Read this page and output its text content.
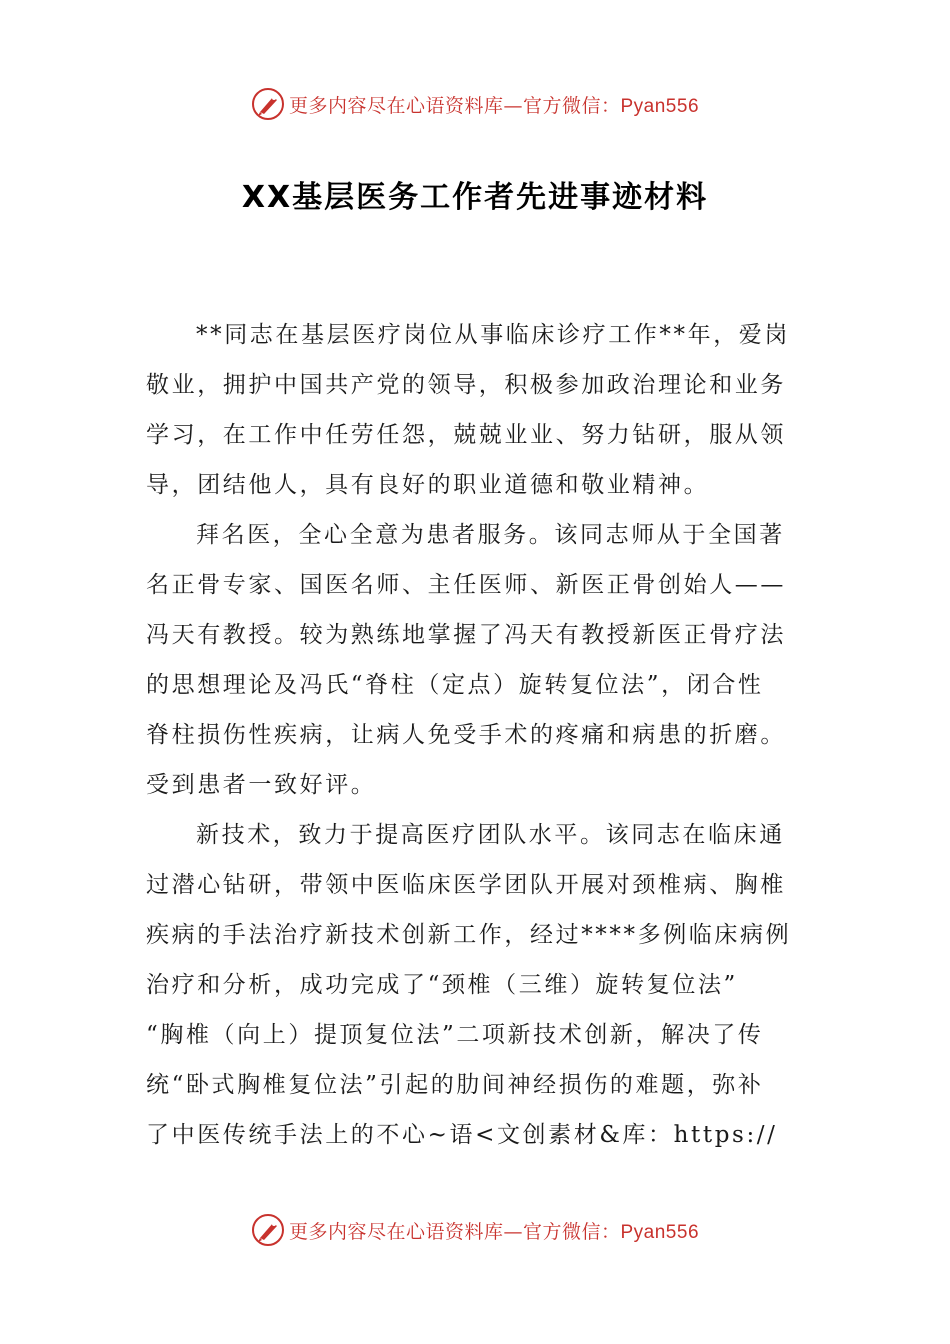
更多内容尽在心语资料库—官方微信：Pyan556
XX基层医务工作者先进事迹材料
**同志在基层医疗岗位从事临床诊疗工作**年，爱岗
敬业，拥护中国共产党的领导，积极参加政治理论和业务
学习，在工作中任劳任怨，兢兢业业、努力钻研，服从领
导，团结他人，具有良好的职业道德和敬业精神。
拜名医，全心全意为患者服务。该同志师从于全国著
名正骨专家、国医名师、主任医师、新医正骨创始人——
冯天有教授。较为熟练地掌握了冯天有教授新医正骨疗法
的思想理论及冯氏“脊柱（定点）旋转复位法”，闭合性
脊柱损伤性疾病，让病人免受手术的疼痛和病患的折磨。
受到患者一致好评。
新技术，致力于提高医疗团队水平。该同志在临床通
过潜心钻研，带领中医临床医学团队开展对颈椎病、胸椎
疾病的手法治疗新技术创新工作，经过****多例临床病例
治疗和分析，成功完成了“颈椎（三维）旋转复位法”
“胸椎（向上）提顶复位法”二项新技术创新，解决了传
统“卧式胸椎复位法”引起的肋间神经损伤的难题，弥补
了中医传统手法上的不心~语<文创素材&库：https://
更多内容尽在心语资料库—官方微信：Pyan556
